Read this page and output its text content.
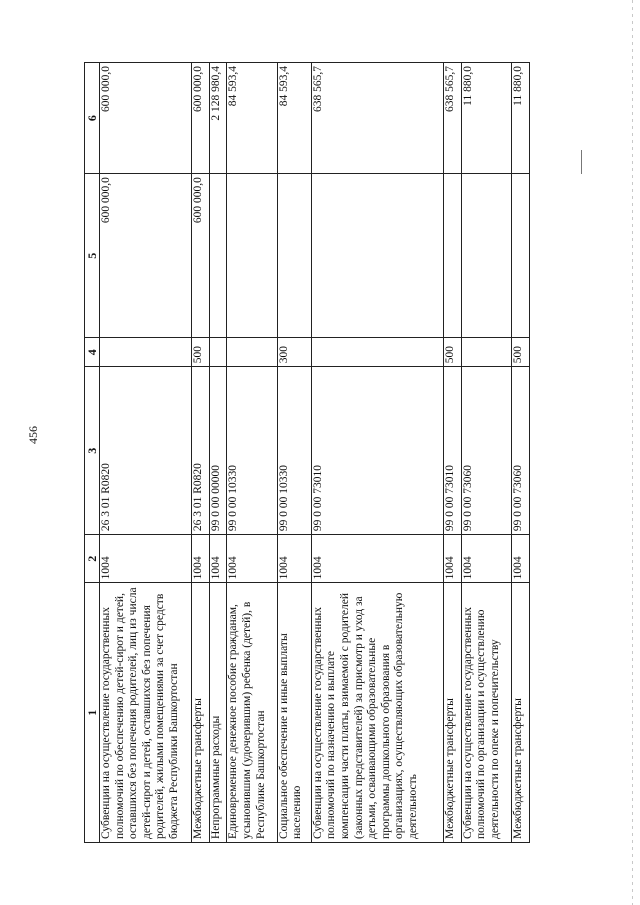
456
1	2	3	4	5	6
Субвенции на осуществление государственных полномочий по обеспечению детей-сирот и детей, оставшихся без попечения родителей, лиц из числа детей-сирот и детей, оставшихся без попечения родителей, жилыми помещениями за счет средств бюджета Республики Башкортостан	1004	26 3 01 R0820		600 000,0	600 000,0
Межбюджетные трансферты	1004	26 3 01 R0820	500	600 000,0	600 000,0
Непрограммные расходы	1004	99 0 00 00000			2 128 980,4
Единовременное денежное пособие гражданам, усыновившим (удочерившим) ребенка (детей), в Республике Башкортостан	1004	99 0 00 10330			84 593,4
Социальное обеспечение и иные выплаты населению	1004	99 0 00 10330	300		84 593,4
Субвенции на осуществление государственных полномочий по назначению и выплате компенсации части платы, взимаемой с родителей (законных представителей) за присмотр и уход за детьми, осваивающими образовательные программы дошкольного образования в организациях, осуществляющих образовательную деятельность	1004	99 0 00 73010			638 565,7
Межбюджетные трансферты	1004	99 0 00 73010	500		638 565,7
Субвенции на осуществление государственных полномочий по организации и осуществлению деятельности по опеке и попечительству	1004	99 0 00 73060			11 880,0
Межбюджетные трансферты	1004	99 0 00 73060	500		11 880,0
